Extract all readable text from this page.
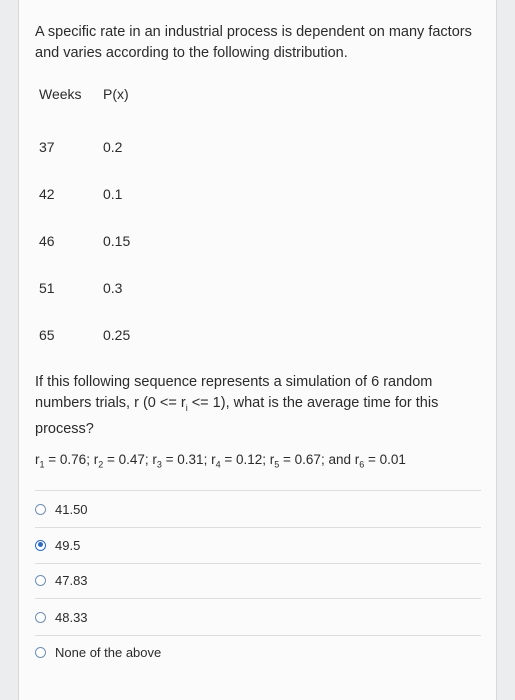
A specific rate in an industrial process is dependent on many factors and varies according to the following distribution.

Weeks P(x)
37	0.2
42	0.1
46	0.15
51	0.3
65	0.25

If this following sequence represents a simulation of 6 random numbers trials, r $(0 <= r_i <= 1)$, what is the average time for this process?

$r_1 = 0.76$; $r_2 = 0.47$; $r_3 = 0.31$; $r_4 = 0.12$; $r_5 = 0.67$; and $r_6 = 0.01$
41.50
49.5
47.83
48.33
None of the above
